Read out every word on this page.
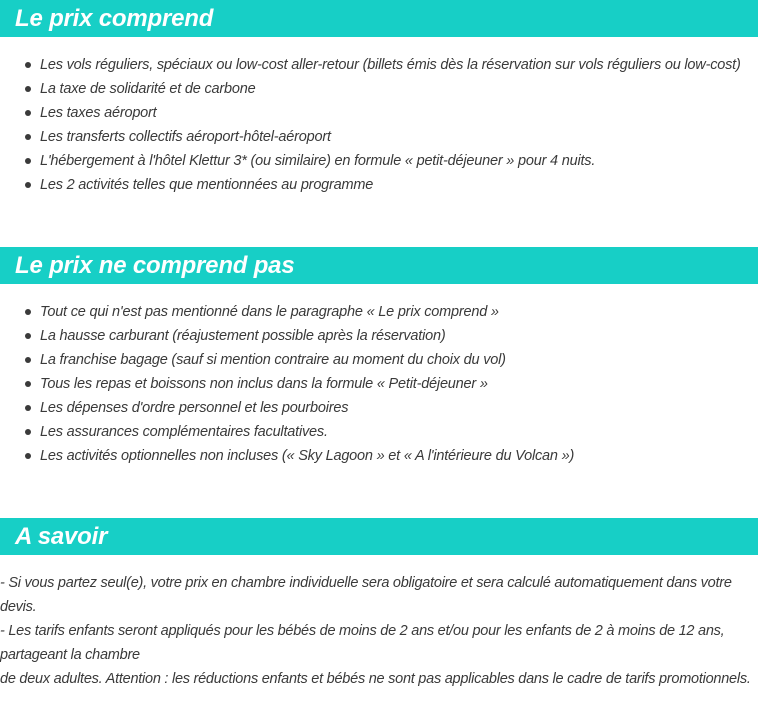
Le prix comprend
Les vols réguliers, spéciaux ou low-cost aller-retour (billets émis dès la réservation sur vols réguliers ou low-cost)
La taxe de solidarité et de carbone
Les taxes aéroport
Les transferts collectifs aéroport-hôtel-aéroport
L'hébergement à l'hôtel Klettur 3* (ou similaire) en formule « petit-déjeuner » pour 4 nuits.
Les 2 activités telles que mentionnées au programme
Le prix ne comprend pas
Tout ce qui n'est pas mentionné dans le paragraphe « Le prix comprend »
La hausse carburant (réajustement possible après la réservation)
La franchise bagage (sauf si mention contraire au moment du choix du vol)
Tous les repas et boissons non inclus dans la formule « Petit-déjeuner »
Les dépenses d'ordre personnel et les pourboires
Les assurances complémentaires facultatives.
Les activités optionnelles non incluses (« Sky Lagoon » et « A l'intérieure du Volcan »)
A savoir
- Si vous partez seul(e), votre prix en chambre individuelle sera obligatoire et sera calculé automatiquement dans votre
devis.
- Les tarifs enfants seront appliqués pour les bébés de moins de 2 ans et/ou pour les enfants de 2 à moins de 12 ans,
partageant la chambre
de deux adultes. Attention : les réductions enfants et bébés ne sont pas applicables dans le cadre de tarifs promotionnels.
